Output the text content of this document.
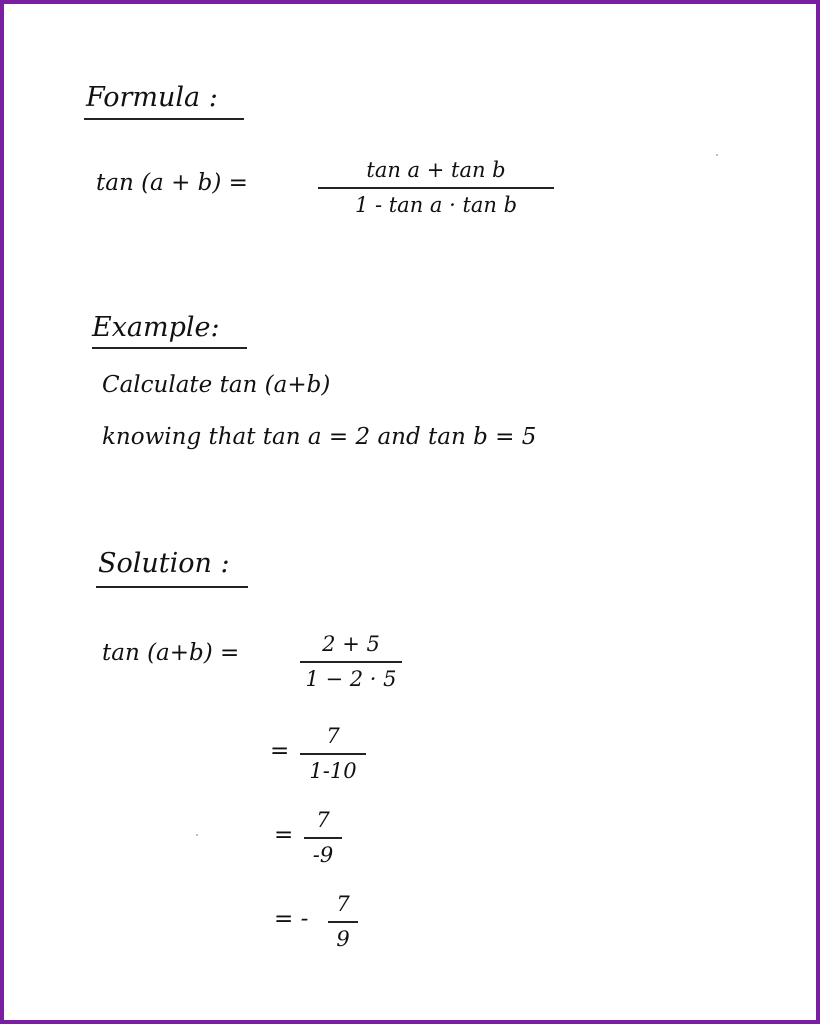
Formula :
tan (a + b) =	tan a + tan b
1 - tan a · tan b
Example:
Calculate tan (a+b)
knowing that tan a = 2 and tan b = 5
Solution :
tan (a+b) =	2 + 5
1 − 2 · 5
=
7
1-10
=
7
-9
= -
7
9
